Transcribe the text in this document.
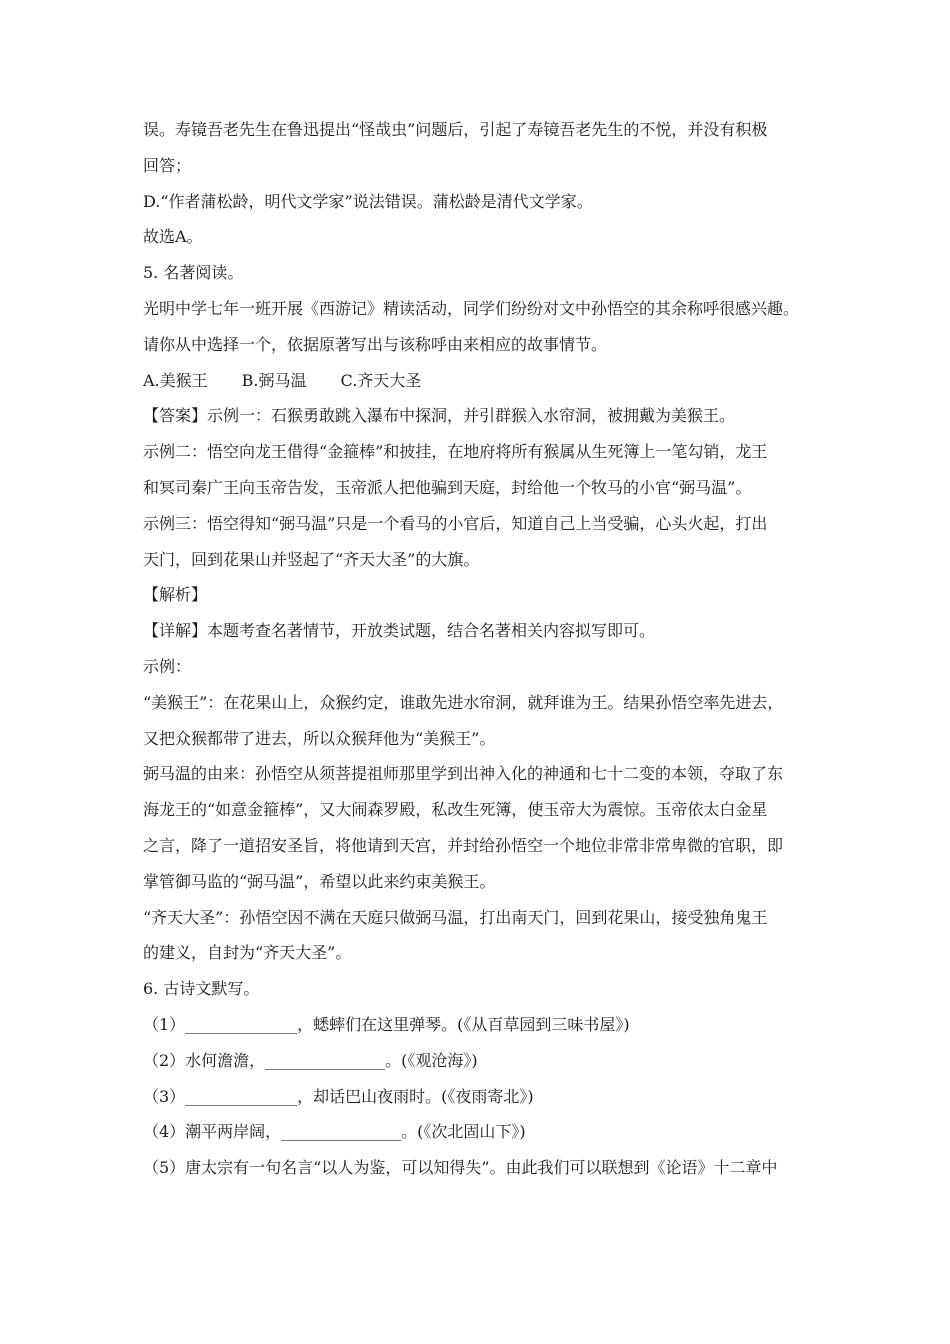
误。寿镜吾老先生在鲁迅提出“怪哉虫”问题后，引起了寿镜吾老先生的不悦，并没有积极
回答；
D.“作者蒲松龄，明代文学家”说法错误。蒲松龄是清代文学家。
故选A。
5. 名著阅读。
光明中学七年一班开展《西游记》精读活动，同学们纷纷对文中孙悟空的其余称呼很感兴趣。
请你从中选择一个，依据原著写出与该称呼由来相应的故事情节。
A.美猴王 B.弼马温 C.齐天大圣
【答案】示例一：石猴勇敢跳入瀑布中探洞，并引群猴入水帘洞，被拥戴为美猴王。
示例二：悟空向龙王借得“金箍棒”和披挂，在地府将所有猴属从生死簿上一笔勾销，龙王
和冥司秦广王向玉帝告发，玉帝派人把他骗到天庭，封给他一个牧马的小官“弼马温”。
示例三：悟空得知“弼马温”只是一个看马的小官后，知道自己上当受骗，心头火起，打出
天门，回到花果山并竖起了“齐天大圣”的大旗。
【解析】
【详解】本题考查名著情节，开放类试题，结合名著相关内容拟写即可。
示例：
“美猴王”：在花果山上，众猴约定，谁敢先进水帘洞，就拜谁为王。结果孙悟空率先进去，
又把众猴都带了进去，所以众猴拜他为“美猴王”。
弼马温的由来：孙悟空从须菩提祖师那里学到出神入化的神通和七十二变的本领，夺取了东
海龙王的“如意金箍棒”，又大闹森罗殿，私改生死簿，使玉帝大为震惊。玉帝依太白金星
之言，降了一道招安圣旨，将他请到天宫，并封给孙悟空一个地位非常非常卑微的官职，即
掌管御马监的“弼马温”，希望以此来约束美猴王。
“齐天大圣”：孙悟空因不满在天庭只做弼马温，打出南天门，回到花果山，接受独角鬼王
的建义，自封为“齐天大圣”。
6. 古诗文默写。
（1）______________，蟋蟀们在这里弹琴。(《从百草园到三味书屋》)
（2）水何澹澹，_______________。(《观沧海》)
（3）______________，却话巴山夜雨时。(《夜雨寄北》)
（4）潮平两岸阔，_______________。(《次北固山下》)
（5）唐太宗有一句名言“以人为鉴，可以知得失”。由此我们可以联想到《论语》十二章中
